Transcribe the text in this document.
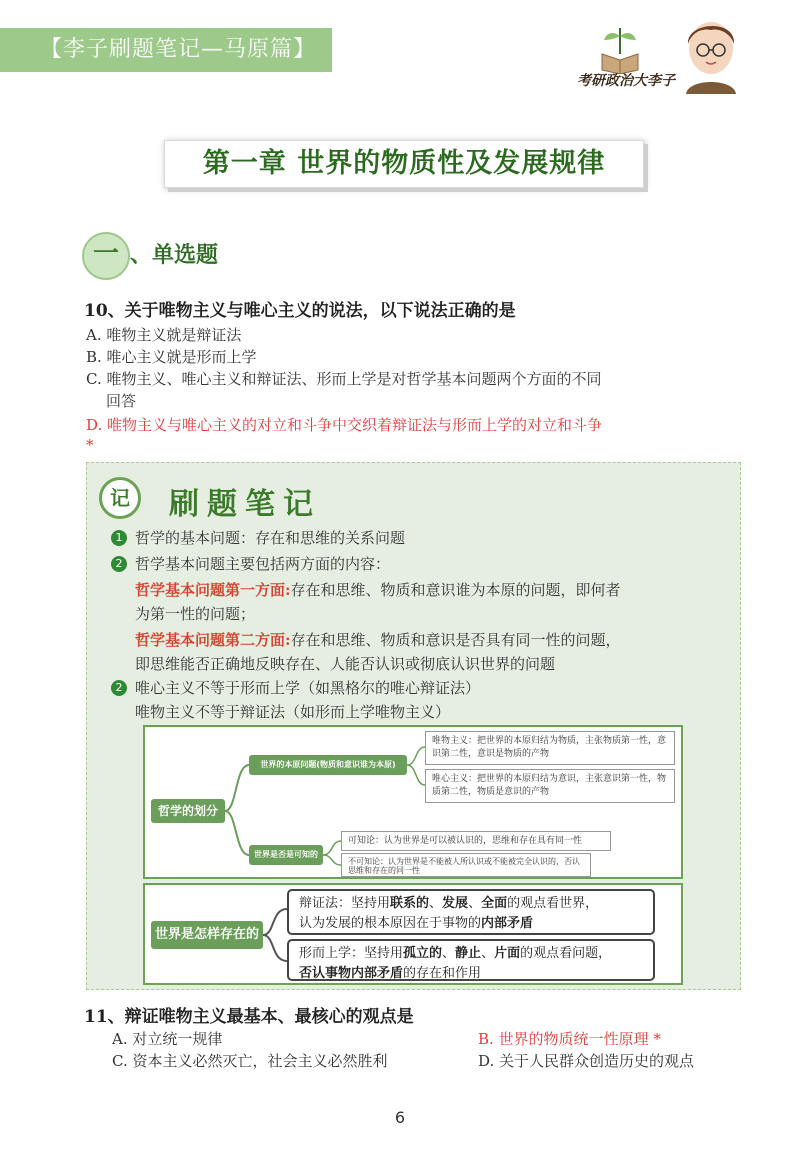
【李子刷题笔记—马原篇】
考研政治大李子
第一章 世界的物质性及发展规律
一 、单选题
10、关于唯物主义与唯心主义的说法，以下说法正确的是
A. 唯物主义就是辩证法
B. 唯心主义就是形而上学
C. 唯物主义、唯心主义和辩证法、形而上学是对哲学基本问题两个方面的不同
回答
D. 唯物主义与唯心主义的对立和斗争中交织着辩证法与形而上学的对立和斗争
*
记 刷题笔记
1 哲学的基本问题：存在和思维的关系问题
2 哲学基本问题主要包括两方面的内容：
哲学基本问题第一方面:存在和思维、物质和意识谁为本原的问题，即何者
为第一性的问题；
哲学基本问题第二方面:存在和思维、物质和意识是否具有同一性的问题，
即思维能否正确地反映存在、人能否认识或彻底认识世界的问题
2 唯心主义不等于形而上学（如黑格尔的唯心辩证法）
唯物主义不等于辩证法（如形而上学唯物主义）
哲学的划分
世界的本原问题(物质和意识谁为本原)
世界是否是可知的
唯物主义：把世界的本原归结为物质，主张物质第一性，意识第二性，意识是物质的产物
唯心主义：把世界的本原归结为意识，主张意识第一性，物质第二性，物质是意识的产物
可知论：认为世界是可以被认识的，思维和存在具有同一性
不可知论：认为世界是不能被人所认识或不能被完全认识的，否认思维和存在的同一性
世界是怎样存在的
辩证法：坚持用联系的、发展、全面的观点看世界，
认为发展的根本原因在于事物的内部矛盾
形而上学：坚持用孤立的、静止、片面的观点看问题，
否认事物内部矛盾的存在和作用
11、辩证唯物主义最基本、最核心的观点是
A. 对立统一规律	B. 世界的物质统一性原理 *
C. 资本主义必然灭亡，社会主义必然胜利	D. 关于人民群众创造历史的观点
6
